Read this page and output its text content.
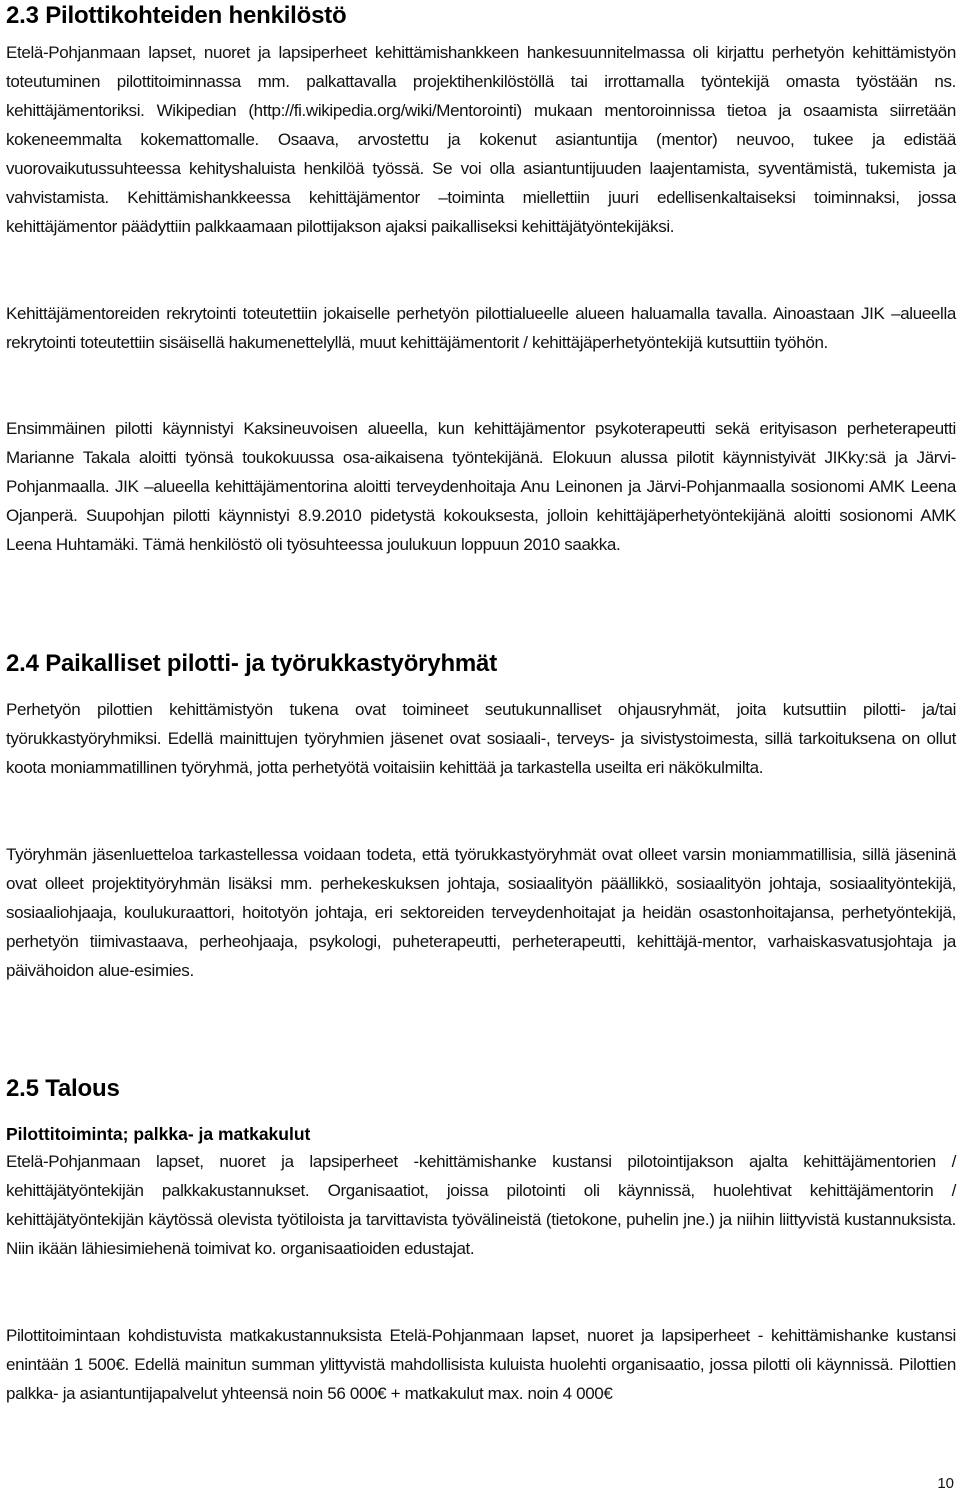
2.3 Pilottikohteiden henkilöstö

Etelä-Pohjanmaan lapset, nuoret ja lapsiperheet kehittämishankkeen hankesuunnitelmassa oli kirjattu perhetyön kehittämistyön toteutuminen pilottitoiminnassa mm. palkattavalla projektihenkilöstöllä tai irrottamalla työntekijä omasta työstään ns. kehittäjämentoriksi. Wikipedian (http://fi.wikipedia.org/wiki/Mentorointi) mukaan mentoroinnissa tietoa ja osaamista siirretään kokeneemmalta kokemattomalle. Osaava, arvostettu ja kokenut asiantuntija (mentor) neuvoo, tukee ja edistää vuorovaikutussuhteessa kehityshaluista henkilöä työssä. Se voi olla asiantuntijuuden laajentamista, syventämistä, tukemista ja vahvistamista. Kehittämishankkeessa kehittäjämentor –toiminta miellettiin juuri edellisenkaltaiseksi toiminnaksi, jossa kehittäjämentor päädyttiin palkkaamaan pilottijakson ajaksi paikalliseksi kehittäjätyöntekijäksi.

Kehittäjämentoreiden rekrytointi toteutettiin jokaiselle perhetyön pilottialueelle alueen haluamalla tavalla. Ainoastaan JIK –alueella rekrytointi toteutettiin sisäisellä hakumenettelyllä, muut kehittäjämentorit / kehittäjäperhetyöntekijä kutsuttiin työhön.

Ensimmäinen pilotti käynnistyi Kaksineuvoisen alueella, kun kehittäjämentor psykoterapeutti sekä erityisason perheterapeutti Marianne Takala aloitti työnsä toukokuussa osa-aikaisena työntekijänä. Elokuun alussa pilotit käynnistyivät JIKky:sä ja Järvi-Pohjanmaalla. JIK –alueella kehittäjämentorina aloitti terveydenhoitaja Anu Leinonen ja Järvi-Pohjanmaalla sosionomi AMK Leena Ojanperä. Suupohjan pilotti käynnistyi 8.9.2010 pidetystä kokouksesta, jolloin kehittäjäperhetyöntekijänä aloitti sosionomi AMK Leena Huhtamäki. Tämä henkilöstö oli työsuhteessa joulukuun loppuun 2010 saakka.

2.4 Paikalliset pilotti- ja työrukkastyöryhmät

Perhetyön pilottien kehittämistyön tukena ovat toimineet seutukunnalliset ohjausryhmät, joita kutsuttiin pilotti- ja/tai työrukkastyöryhmiksi. Edellä mainittujen työryhmien jäsenet ovat sosiaali-, terveys- ja sivistystoimesta, sillä tarkoituksena on ollut koota moniammatillinen työryhmä, jotta perhetyötä voitaisiin kehittää ja tarkastella useilta eri näkökulmilta.

Työryhmän jäsenluetteloa tarkastellessa voidaan todeta, että työrukkastyöryhmät ovat olleet varsin moniammatillisia, sillä jäseninä ovat olleet projektityöryhmän lisäksi mm. perhekeskuksen johtaja, sosiaalityön päällikkö, sosiaalityön johtaja, sosiaalityöntekijä, sosiaaliohjaaja, koulukuraattori, hoitotyön johtaja, eri sektoreiden terveydenhoitajat ja heidän osastonhoitajansa, perhetyöntekijä, perhetyön tiimivastaava, perheohjaaja, psykologi, puheterapeutti, perheterapeutti, kehittäjä-mentor, varhaiskasvatusjohtaja ja päivähoidon alue-esimies.

2.5 Talous
Pilottitoiminta; palkka- ja matkakulut

Etelä-Pohjanmaan lapset, nuoret ja lapsiperheet -kehittämishanke kustansi pilotointijakson ajalta kehittäjämentorien / kehittäjätyöntekijän palkkakustannukset. Organisaatiot, joissa pilotointi oli käynnissä, huolehtivat kehittäjämentorin / kehittäjätyöntekijän käytössä olevista työtiloista ja tarvittavista työvälineistä (tietokone, puhelin jne.) ja niihin liittyvistä kustannuksista. Niin ikään lähiesimiehenä toimivat ko. organisaatioiden edustajat.

Pilottitoimintaan kohdistuvista matkakustannuksista Etelä-Pohjanmaan lapset, nuoret ja lapsiperheet - kehittämishanke kustansi enintään 1 500€. Edellä mainitun summan ylittyvistä mahdollisista kuluista huolehti organisaatio, jossa pilotti oli käynnissä. Pilottien palkka- ja asiantuntijapalvelut yhteensä noin 56 000€ + matkakulut max. noin 4 000€

10
